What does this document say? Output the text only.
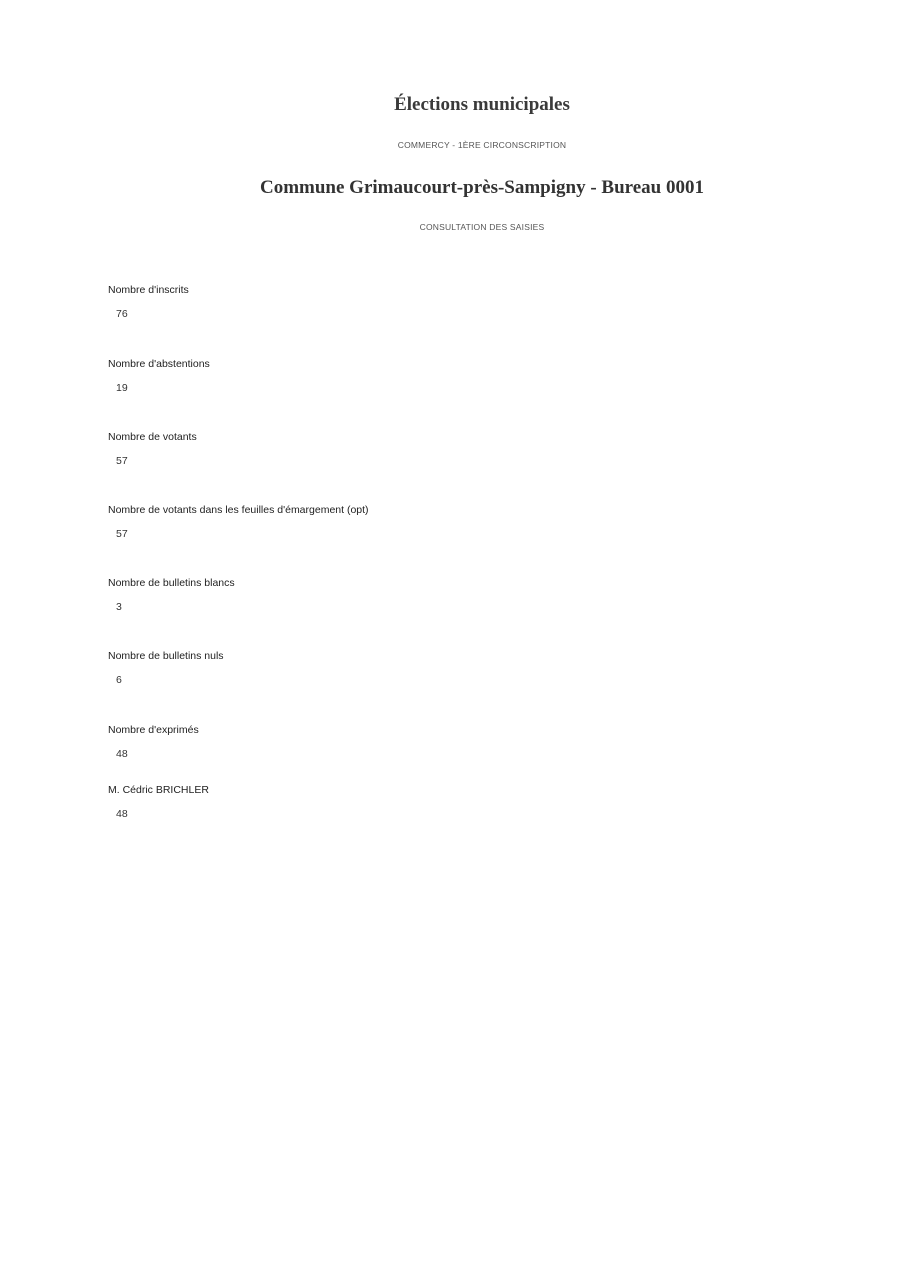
Élections municipales

COMMERCY - 1ÈRE CIRCONSCRIPTION

Commune Grimaucourt-près-Sampigny - Bureau 0001

CONSULTATION DES SAISIES

Nombre d'inscrits
76
Nombre d'abstentions
19
Nombre de votants
57
Nombre de votants dans les feuilles d'émargement (opt)
57
Nombre de bulletins blancs
3
Nombre de bulletins nuls
6
Nombre d'exprimés
48
M. Cédric BRICHLER
48
